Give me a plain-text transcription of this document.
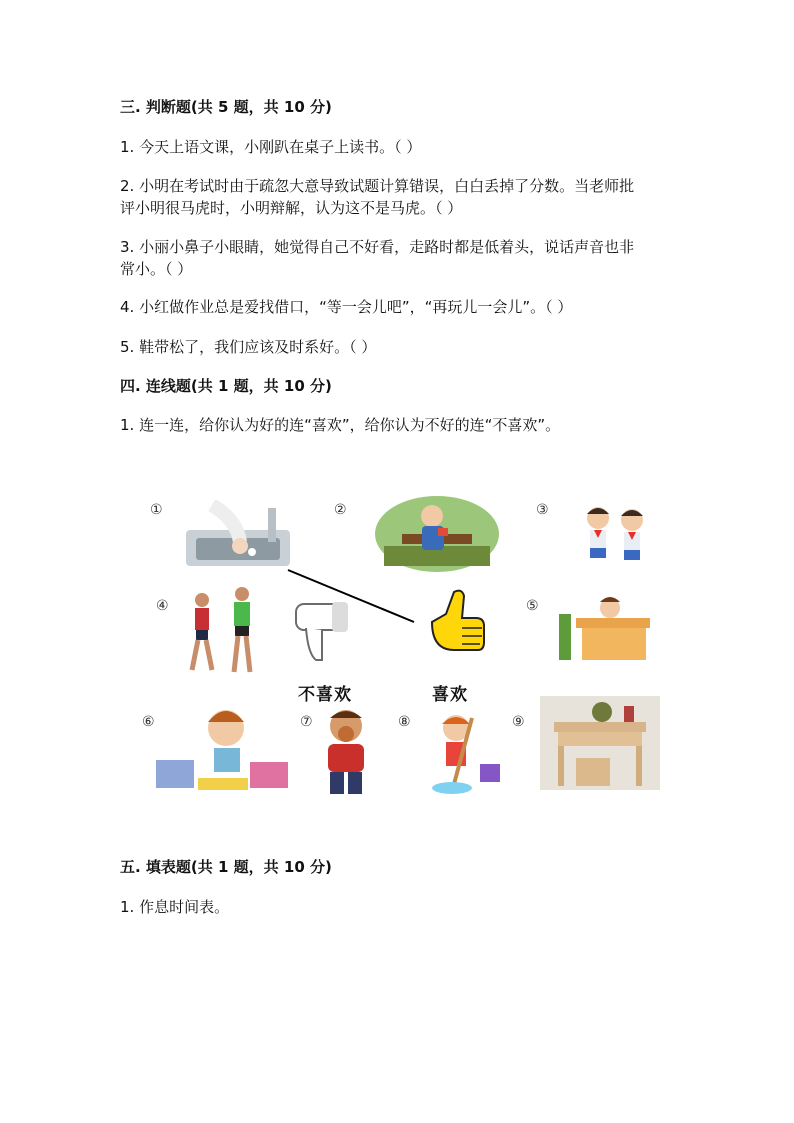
三. 判断题(共 5 题，共 10 分)
1. 今天上语文课，小刚趴在桌子上读书。（ ）
2. 小明在考试时由于疏忽大意导致试题计算错误，白白丢掉了分数。当老师批
评小明很马虎时，小明辩解，认为这不是马虎。（ ）
3. 小丽小鼻子小眼睛，她觉得自己不好看，走路时都是低着头，说话声音也非
常小。（ ）
4. 小红做作业总是爱找借口，“等一会儿吧”，“再玩儿一会儿”。（ ）
5. 鞋带松了，我们应该及时系好。（ ）
四. 连线题(共 1 题，共 10 分)
1. 连一连，给你认为好的连“喜欢”，给你认为不好的连“不喜欢”。
①	②	③
④
不喜欢	喜欢
⑤
⑥	⑦	⑧	⑨
五. 填表题(共 1 题，共 10 分)
1. 作息时间表。
